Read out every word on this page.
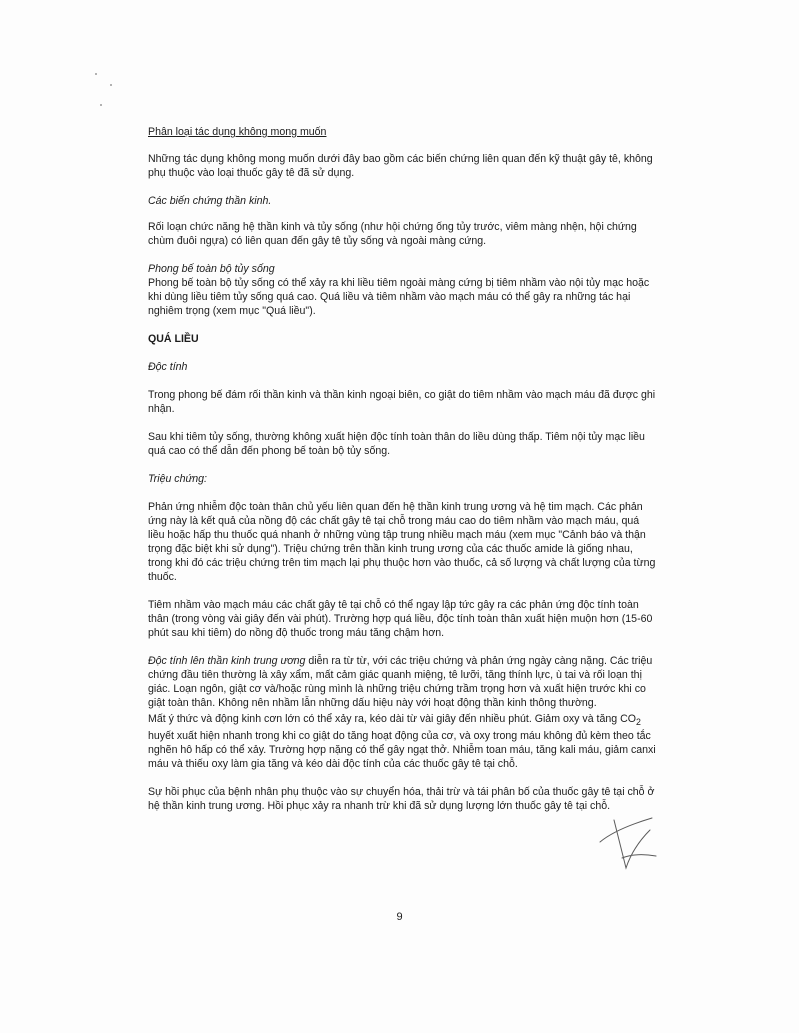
Phân loại tác dụng không mong muốn

Những tác dụng không mong muốn dưới đây bao gồm các biến chứng liên quan đến kỹ thuật gây tê, không phụ thuộc vào loại thuốc gây tê đã sử dụng.

Các biến chứng thần kinh.

Rối loạn chức năng hệ thần kinh và tủy sống (như hội chứng ống tủy trước, viêm màng nhện, hội chứng chùm đuôi ngựa) có liên quan đến gây tê tủy sống và ngoài màng cứng.

Phong bế toàn bộ tủy sống

Phong bế toàn bộ tủy sống có thể xảy ra khi liều tiêm ngoài màng cứng bị tiêm nhầm vào nội tủy mạc hoặc khi dùng liều tiêm tủy sống quá cao. Quá liều và tiêm nhầm vào mạch máu có thể gây ra những tác hại nghiêm trọng (xem mục "Quá liều").

QUÁ LIỀU

Độc tính

Trong phong bế đám rối thần kinh và thần kinh ngoại biên, co giật do tiêm nhầm vào mạch máu đã được ghi nhận.

Sau khi tiêm tủy sống, thường không xuất hiện độc tính toàn thân do liều dùng thấp. Tiêm nội tủy mạc liều quá cao có thể dẫn đến phong bế toàn bộ tủy sống.

Triệu chứng:

Phản ứng nhiễm độc toàn thân chủ yếu liên quan đến hệ thần kinh trung ương và hệ tim mạch. Các phản ứng này là kết quả của nồng độ các chất gây tê tại chỗ trong máu cao do tiêm nhầm vào mạch máu, quá liều hoặc hấp thu thuốc quá nhanh ở những vùng tập trung nhiều mạch máu (xem mục "Cảnh báo và thận trọng đặc biệt khi sử dụng"). Triệu chứng trên thần kinh trung ương của các thuốc amide là giống nhau, trong khi đó các triệu chứng trên tim mạch lại phụ thuộc hơn vào thuốc, cả số lượng và chất lượng của từng thuốc.

Tiêm nhầm vào mạch máu các chất gây tê tại chỗ có thể ngay lập tức gây ra các phản ứng độc tính toàn thân (trong vòng vài giây đến vài phút). Trường hợp quá liều, độc tính toàn thân xuất hiện muộn hơn (15-60 phút sau khi tiêm) do nồng độ thuốc trong máu tăng chậm hơn.

Độc tính lên thần kinh trung ương diễn ra từ từ, với các triệu chứng và phản ứng ngày càng nặng. Các triệu chứng đầu tiên thường là xây xẩm, mất cảm giác quanh miệng, tê lưỡi, tăng thính lực, ù tai và rối loạn thị giác. Loạn ngôn, giật cơ và/hoặc rùng mình là những triệu chứng trầm trọng hơn và xuất hiện trước khi co giật toàn thân. Không nên nhầm lẫn những dấu hiệu này với hoạt động thần kinh thông thường.

Mất ý thức và động kinh cơn lớn có thể xảy ra, kéo dài từ vài giây đến nhiều phút. Giảm oxy và tăng $CO_2$ huyết xuất hiện nhanh trong khi co giật do tăng hoạt động của cơ, và oxy trong máu không đủ kèm theo tắc nghẽn hô hấp có thể xảy. Trường hợp nặng có thể gây ngạt thở. Nhiễm toan máu, tăng kali máu, giảm canxi máu và thiếu oxy làm gia tăng và kéo dài độc tính của các thuốc gây tê tại chỗ.

Sự hồi phục của bệnh nhân phụ thuộc vào sự chuyển hóa, thải trừ và tái phân bố của thuốc gây tê tại chỗ ở hệ thần kinh trung ương. Hồi phục xảy ra nhanh trừ khi đã sử dụng lượng lớn thuốc gây tê tại chỗ.

9
